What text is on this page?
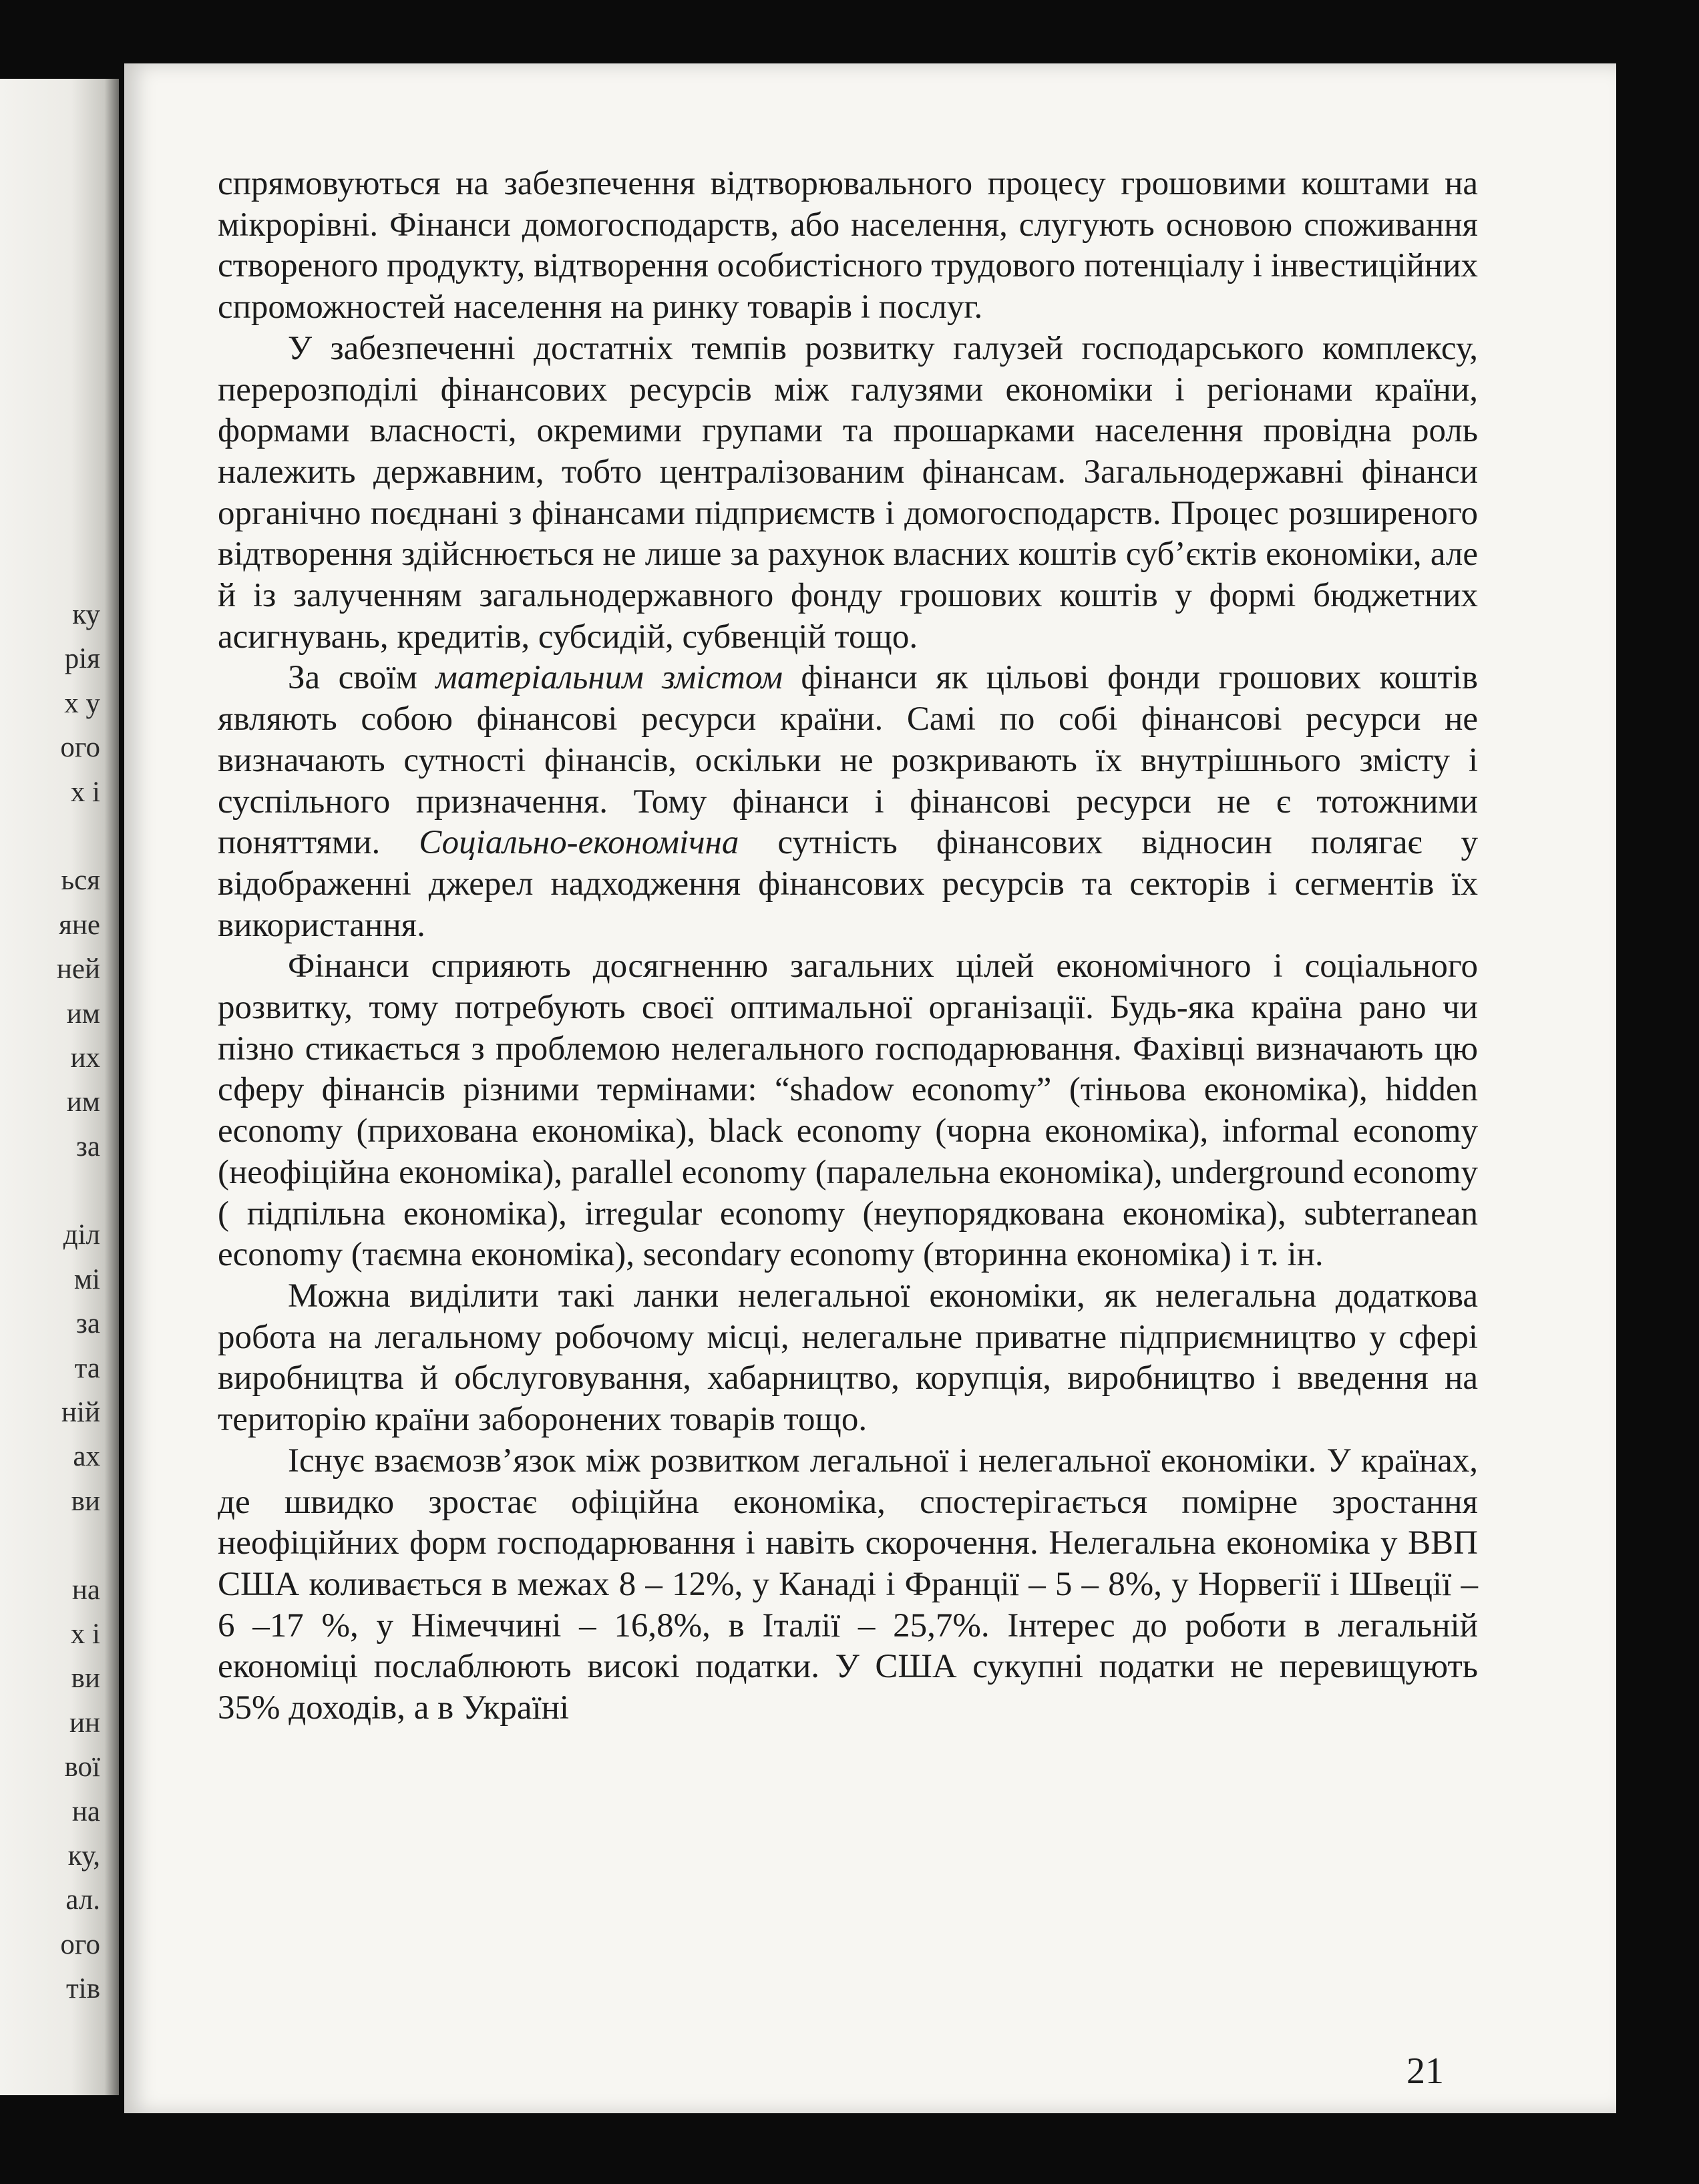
ку
рія
х у
ого
х і
ься
яне
ней
им
их
им
за
діл
мі
за
та
ній
ах
ви
на
х і
ви
ин
вої
на
ку,
ал.
ого
тів

спрямовуються на забезпечення відтворювального процесу грошовими коштами на мікрорівні. Фінанси домогосподарств, або населення, слугують основою споживання створеного продукту, відтворення особистісного трудового потенціалу і інвестиційних спроможностей населення на ринку товарів і послуг.

У забезпеченні достатніх темпів розвитку галузей господарського комплексу, перерозподілі фінансових ресурсів між галузями економіки і регіонами країни, формами власності, окремими групами та прошарками населення провідна роль належить державним, тобто централізованим фінансам. Загальнодержавні фінанси органічно поєднані з фінансами підприємств і домогосподарств. Процес розширеного відтворення здійснюється не лише за рахунок власних коштів суб’єктів економіки, але й із залученням загальнодержавного фонду грошових коштів у формі бюджетних асигнувань, кредитів, субсидій, субвенцій тощо.

За своїм матеріальним змістом фінанси як цільові фонди грошових коштів являють собою фінансові ресурси країни. Самі по собі фінансові ресурси не визначають сутності фінансів, оскільки не розкривають їх внутрішнього змісту і суспільного призначення. Тому фінанси і фінансові ресурси не є тотожними поняттями. Соціально-економічна сутність фінансових відносин полягає у відображенні джерел надходження фінансових ресурсів та секторів і сегментів їх використання.

Фінанси сприяють досягненню загальних цілей економічного і соціального розвитку, тому потребують своєї оптимальної організації. Будь-яка країна рано чи пізно стикається з проблемою нелегального господарювання. Фахівці визначають цю сферу фінансів різними термінами: “shadow economy” (тіньова економіка), hidden economy (прихована економіка), black economy (чорна економіка), informal economy (неофіційна економіка), parallel economy (паралельна економіка), underground economy ( підпільна економіка), irregular economy (неупорядкована економіка), subterranean economy (таємна економіка), secondary economy (вторинна економіка) і т. ін.

Можна виділити такі ланки нелегальної економіки, як нелегальна додаткова робота на легальному робочому місці, нелегальне приватне підприємництво у сфері виробництва й обслуговування, хабарництво, корупція, виробництво і введення на територію країни заборонених товарів тощо.

Існує взаємозв’язок між розвитком легальної і нелегальної економіки. У країнах, де швидко зростає офіційна економіка, спостерігається помірне зростання неофіційних форм господарювання і навіть скорочення. Нелегальна економіка у ВВП США коливається в межах 8 – 12%, у Канаді і Франції – 5 – 8%, у Норвегії і Швеції – 6 –17 %, у Німеччині – 16,8%, в Італії – 25,7%. Інтерес до роботи в легальній економіці послаблюють високі податки. У США сукупні податки не перевищують 35% доходів, а в Україні

21
